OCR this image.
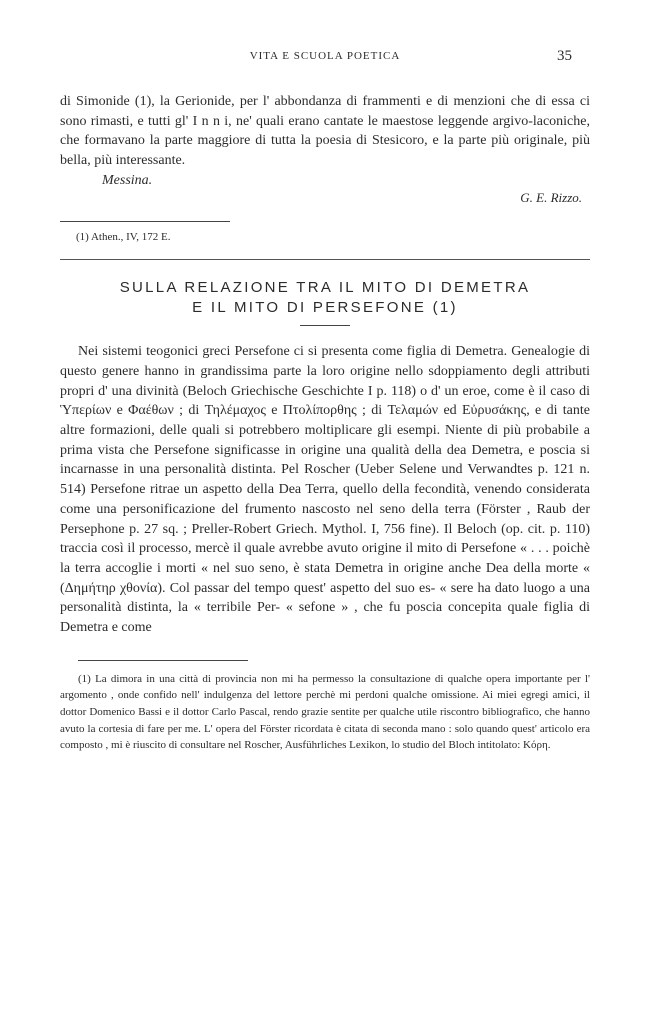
VITA E SCUOLA POETICA	35

di Simonide (1), la Gerionide, per l' abbondanza di frammenti e di menzioni che di essa ci sono rimasti, e tutti gl' I n n i, ne' quali erano cantate le maestose leggende argivo-laconiche, che formavano la parte maggiore di tutta la poesia di Stesicoro, e la parte più originale, più bella, più interessante.

Messina.

G. E. Rizzo.

(1) Athen., IV, 172 E.

SULLA RELAZIONE TRA IL MITO DI DEMETRA
E IL MITO DI PERSEFONE (1)

Nei sistemi teogonici greci Persefone ci si presenta come figlia di Demetra. Genealogie di questo genere hanno in grandissima parte la loro origine nello sdoppiamento degli attributi propri d' una divinità (Beloch Griechische Geschichte I p. 118) o d' un eroe, come è il caso di Ὑπερίων e Φαέθων ; di Τηλέμαχος e Πτολίπορθης ; di Τελαμών ed Εὐρυσάκης, e di tante altre formazioni, delle quali si potrebbero moltiplicare gli esempi. Niente di più probabile a prima vista che Persefone significasse in origine una qualità della dea Demetra, e poscia si incarnasse in una personalità distinta. Pel Roscher (Ueber Selene und Verwandtes p. 121 n. 514) Persefone ritrae un aspetto della Dea Terra, quello della fecondità, venendo considerata come una personificazione del frumento nascosto nel seno della terra (Förster , Raub der Persephone p. 27 sq. ; Preller-Robert Griech. Mythol. I, 756 fine). Il Beloch (op. cit. p. 110) traccia così il processo, mercè il quale avrebbe avuto origine il mito di Persefone « . . . poichè la terra accoglie i morti « nel suo seno, è stata Demetra in origine anche Dea della morte « (Δημήτηρ χθονία). Col passar del tempo quest' aspetto del suo es- « sere ha dato luogo a una personalità distinta, la « terribile Per- « sefone » , che fu poscia concepita quale figlia di Demetra e come

(1) La dimora in una città di provincia non mi ha permesso la consultazione di qualche opera importante per l' argomento , onde confido nell' indulgenza del lettore perchè mi perdoni qualche omissione. Ai miei egregi amici, il dottor Domenico Bassi e il dottor Carlo Pascal, rendo grazie sentite per qualche utile riscontro bibliografico, che hanno avuto la cortesia di fare per me. L' opera del Förster ricordata è citata di seconda mano : solo quando quest' articolo era composto , mi è riuscito di consultare nel Roscher, Ausführliches Lexikon, lo studio del Bloch intitolato: Κόρη.
